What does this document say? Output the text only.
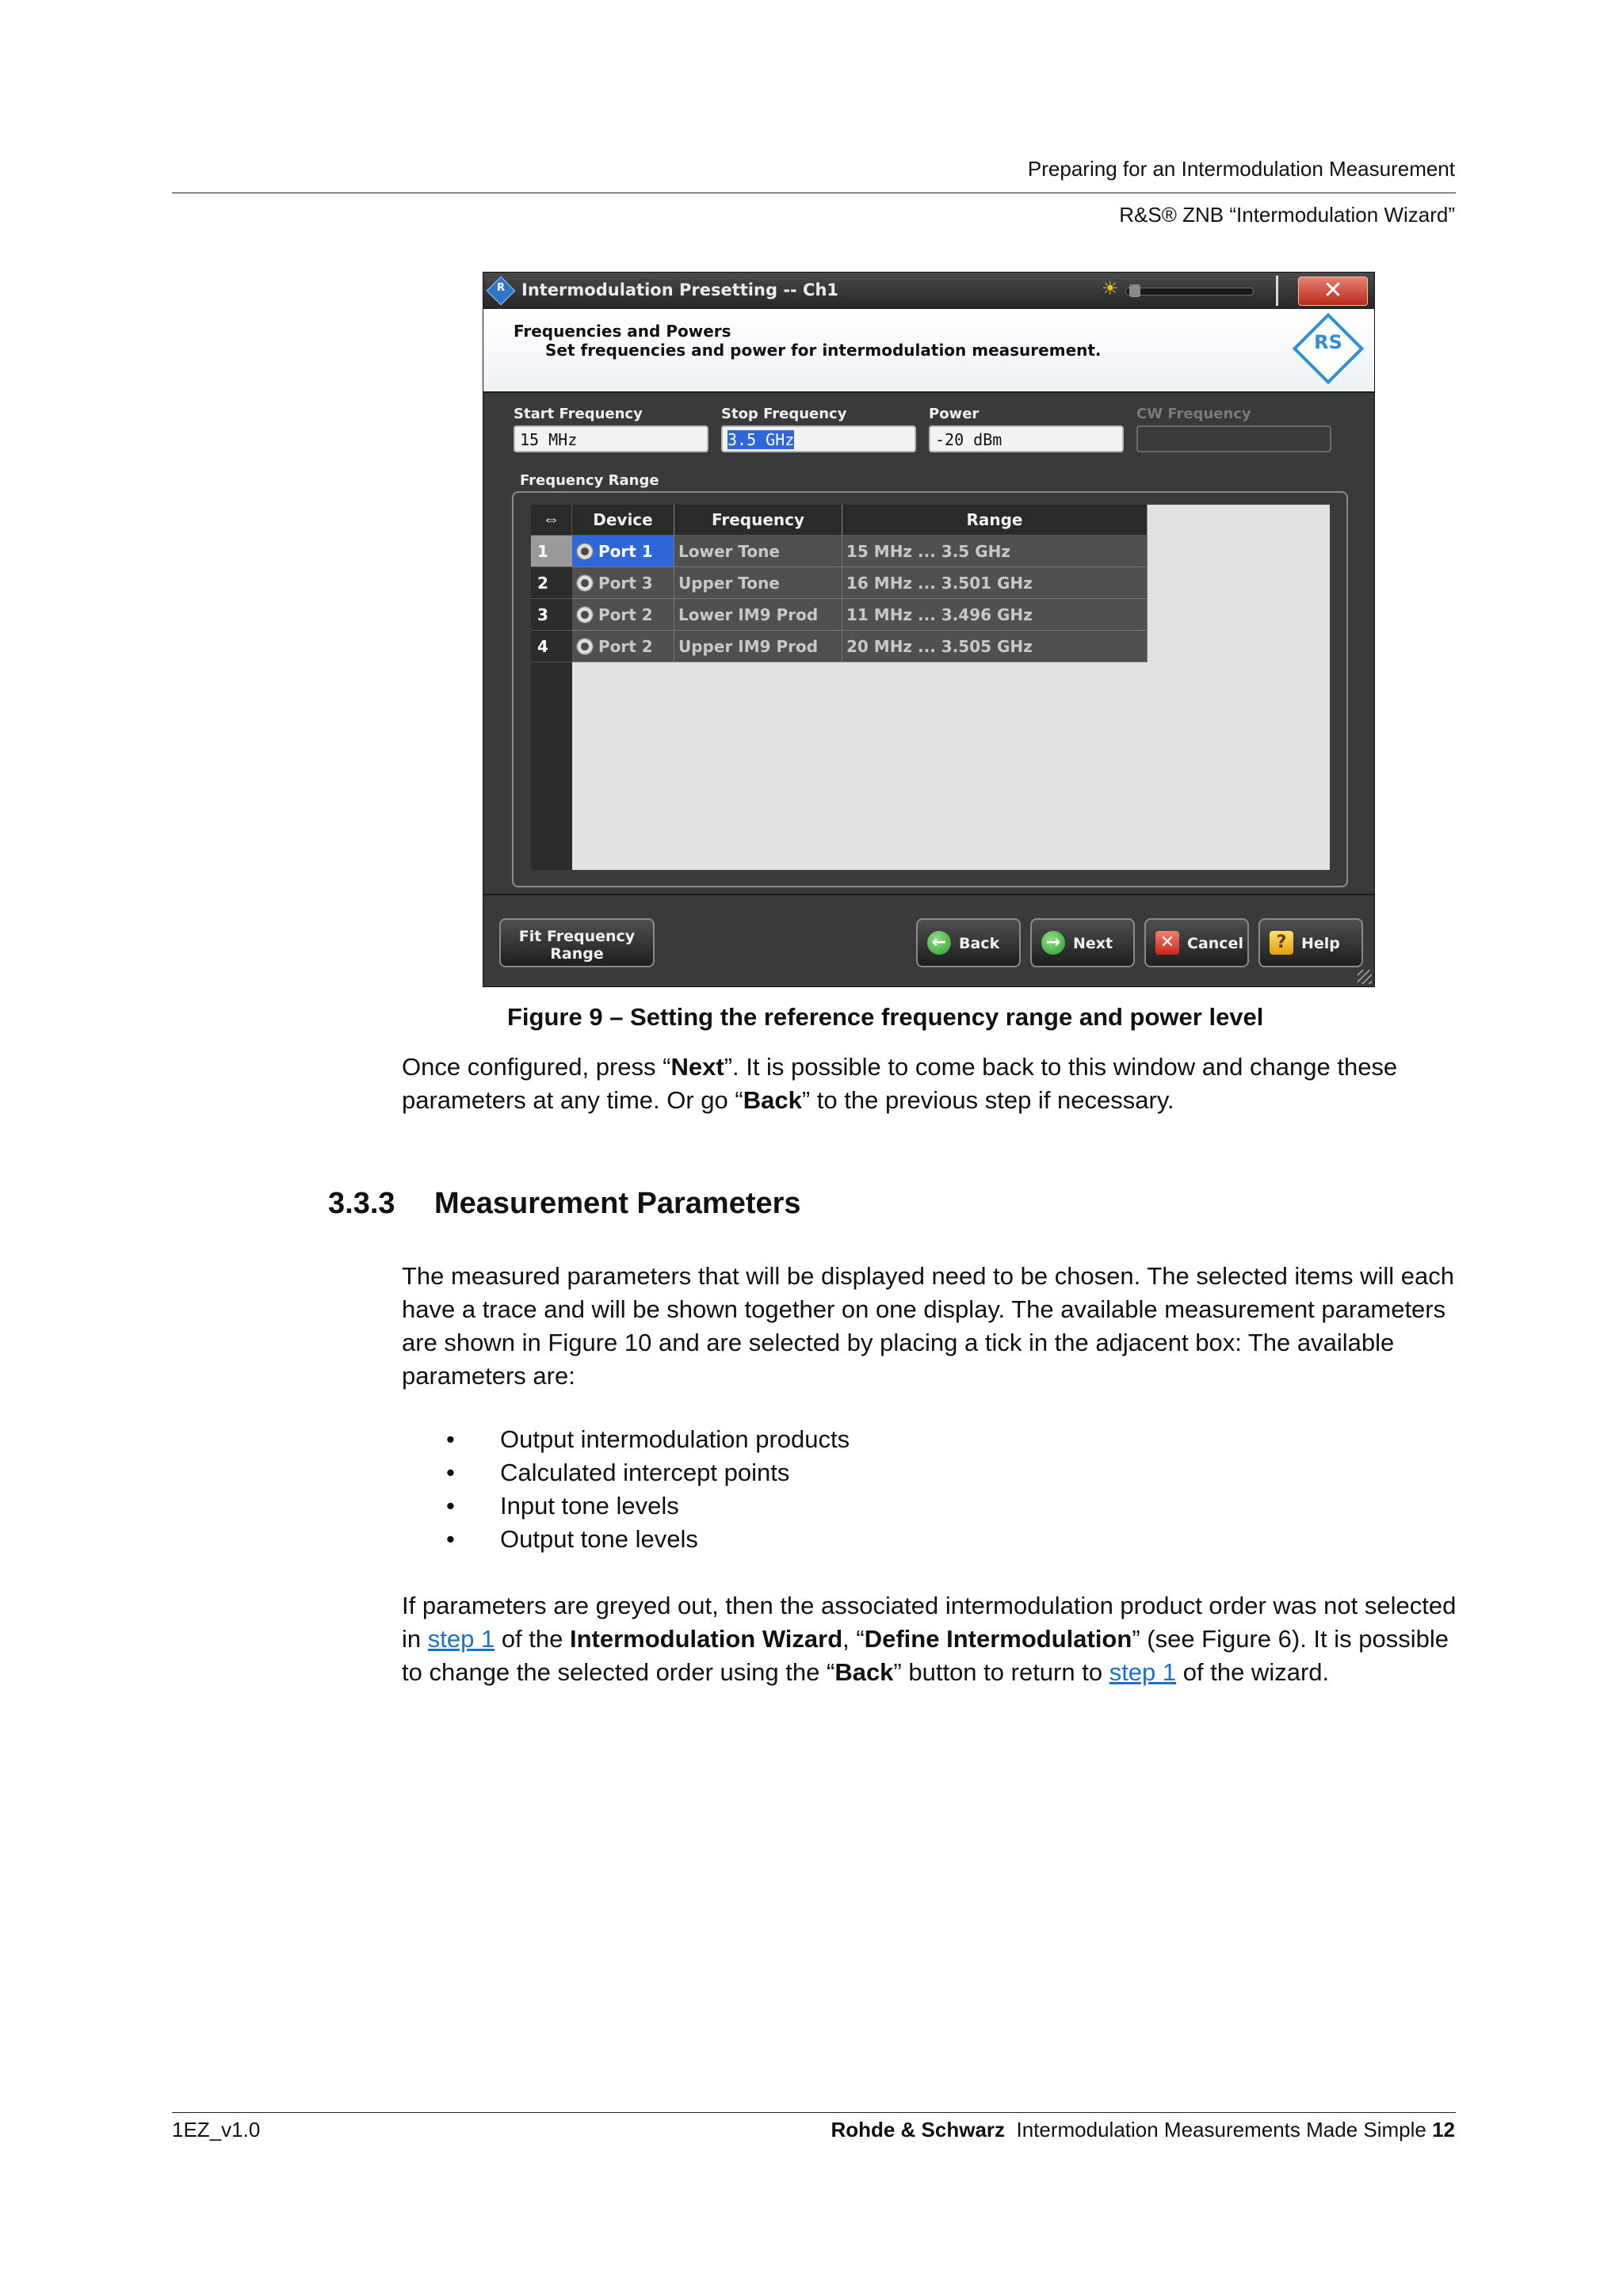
Preparing for an Intermodulation Measurement
R&S® ZNB “Intermodulation Wizard”
R	Intermodulation Presetting -- Ch1	☀	✕
Frequencies and Powers
Set frequencies and power for intermodulation measurement.	RS
Start Frequency
15 MHz
Stop Frequency
3.5 GHz
Power
-20 dBm
CW Frequency
Frequency Range
⇔	Device	Frequency	Range
1	Port 1	Lower Tone	15 MHz ... 3.5 GHz
2	Port 3	Upper Tone	16 MHz ... 3.501 GHz
3	Port 2	Lower IM9 Prod	11 MHz ... 3.496 GHz
4	Port 2	Upper IM9 Prod	20 MHz ... 3.505 GHz
Fit Frequency
Range
← Back	→ Next	✕ Cancel	? Help
Figure 9 – Setting the reference frequency range and power level

Once configured, press “Next”. It is possible to come back to this window and change these parameters at any time. Or go “Back” to the previous step if necessary.

3.3.3 Measurement Parameters

The measured parameters that will be displayed need to be chosen. The selected items will each have a trace and will be shown together on one display. The available measurement parameters are shown in Figure 10 and are selected by placing a tick in the adjacent box: The available parameters are:

• Output intermodulation products
• Calculated intercept points
• Input tone levels
• Output tone levels

If parameters are greyed out, then the associated intermodulation product order was not selected in step 1 of the Intermodulation Wizard, “Define Intermodulation” (see Figure 6). It is possible to change the selected order using the “Back” button to return to step 1 of the wizard.

1EZ_v1.0	Rohde & Schwarz Intermodulation Measurements Made Simple 12
